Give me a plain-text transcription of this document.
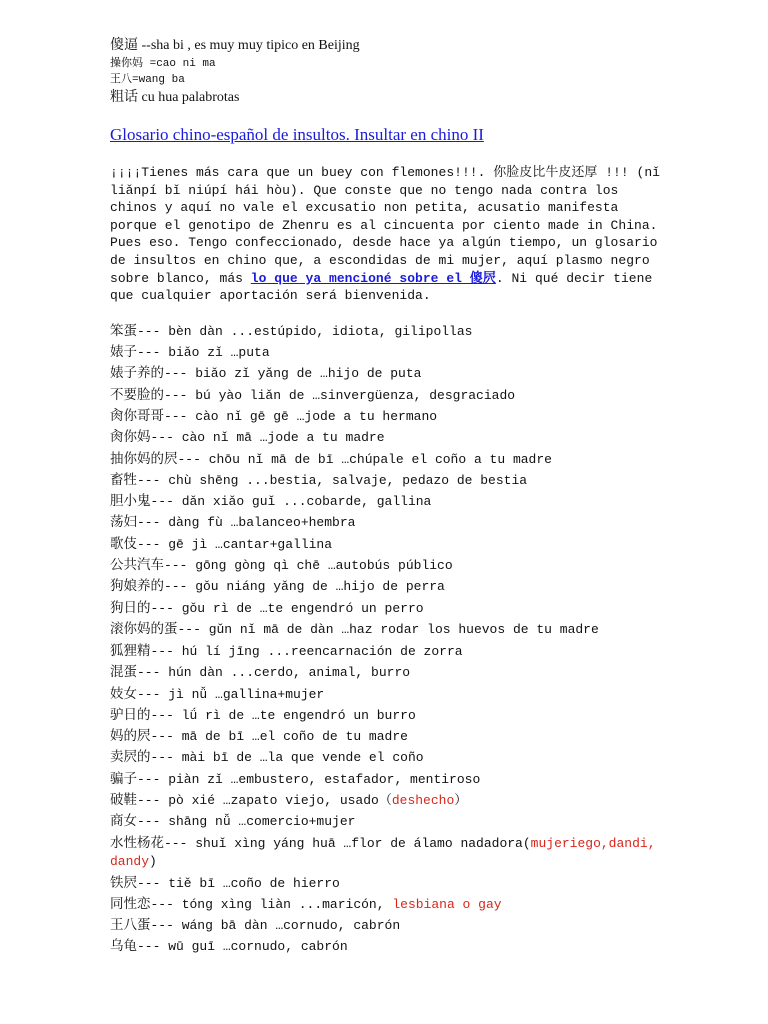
傻逼 --sha bi , es muy muy tipico en Beijing

操你妈 =cao ni ma

王八=wang ba

粗话 cu hua palabrotas

Glosario chino-español de insultos. Insultar en chino II
¡¡¡¡Tienes más cara que un buey con flemones!!!. 你脸皮比牛皮还厚 !!! (nǐ liǎnpí bǐ niúpí hái hòu). Que conste que no tengo nada contra los chinos y aquí no vale el excusatio non petita, acusatio manifesta porque el genotipo de Zhenru es al cincuenta por ciento made in China. Pues eso. Tengo confeccionado, desde hace ya algún tiempo, un glosario de insultos en chino que, a escondidas de mi mujer, aquí plasmo negro sobre blanco, más lo que ya mencioné sobre el 傻屄. Ni qué decir tiene que cualquier aportación será bienvenida.
笨蛋--- bèn dàn ...estúpido, idiota, gilipollas
婊子--- biǎo zǐ …puta
婊子养的--- biǎo zǐ yǎng de …hijo de puta
不要脸的--- bú yào liǎn de …sinvergüenza, desgraciado
肏你哥哥--- cào nǐ gē gē …jode a tu hermano
肏你妈--- cào nǐ mā …jode a tu madre
抽你妈的屄--- chōu nǐ mā de bī …chúpale el coño a tu madre
畜牲--- chù shēng ...bestia, salvaje, pedazo de bestia
胆小鬼--- dǎn xiǎo guǐ ...cobarde, gallina
荡妇--- dàng fù …balanceo+hembra
歌伎--- gē jì …cantar+gallina
公共汽车--- gōng gòng qì chē …autobús público
狗娘养的--- gǒu niáng yǎng de …hijo de perra
狗日的--- gǒu rì de …te engendró un perro
滚你妈的蛋--- gǔn nǐ mā de dàn …haz rodar los huevos de tu madre
狐狸精--- hú lí jīng ...reencarnación de zorra
混蛋--- hún dàn ...cerdo, animal, burro
妓女--- jì nǚ …gallina+mujer
驴日的--- lǘ rì de …te engendró un burro
妈的屄--- mā de bī …el coño de tu madre
卖屄的--- mài bī de …la que vende el coño
骗子--- piàn zǐ …embustero, estafador, mentiroso
破鞋--- pò xié …zapato viejo, usado（deshecho）
商女--- shāng nǚ …comercio+mujer
水性杨花--- shuǐ xìng yáng huā …flor de álamo nadadora(mujeriego,dandi, dandy)
铁屄--- tiě bī …coño de hierro
同性恋--- tóng xìng liàn ...maricón, lesbiana o gay
王八蛋--- wáng bā dàn …cornudo, cabrón
乌龟--- wū guī …cornudo, cabrón
